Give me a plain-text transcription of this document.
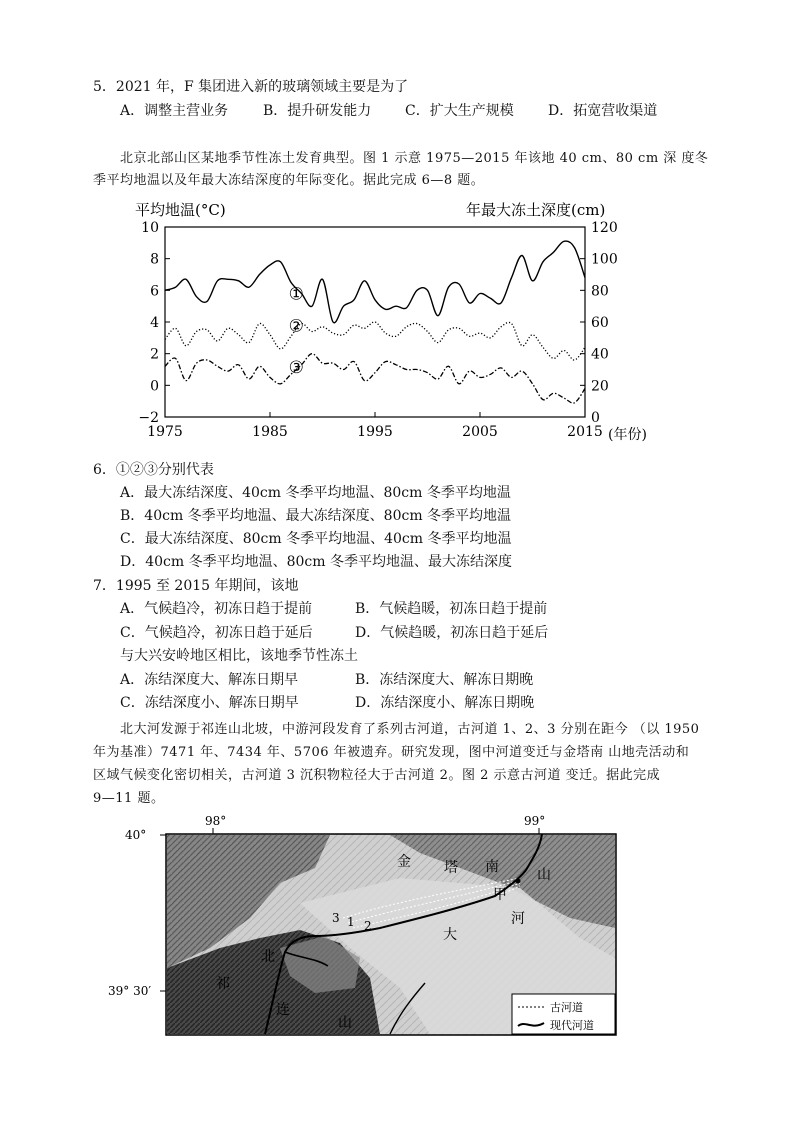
5．2021 年，F 集团进入新的玻璃领域主要是为了
A．调整主营业务 B．提升研发能力 C．扩大生产规模 D．拓宽营收渠道
北京北部山区某地季节性冻土发育典型。图 1 示意 1975—2015 年该地 40 cm、80 cm 深 度冬
季平均地温以及年最大冻结深度的年际变化。据此完成 6—8 题。
平均地温(°C)	年最大冻土深度(cm)
(年份)
10
8
6
4
2
0
−2
120
100
80
60
40
20
0
1975	1985	1995	2005	2015
①
②
③
6．①②③分别代表
A．最大冻结深度、40cm 冬季平均地温、80cm 冬季平均地温
B．40cm 冬季平均地温、最大冻结深度、80cm 冬季平均地温
C．最大冻结深度、80cm 冬季平均地温、40cm 冬季平均地温
D．40cm 冬季平均地温、80cm 冬季平均地温、最大冻结深度
7．1995 至 2015 年期间，该地
A．气候趋冷，初冻日趋于提前	B．气候趋暖，初冻日趋于提前
C．气候趋冷，初冻日趋于延后	D．气候趋暖，初冻日趋于延后
与大兴安岭地区相比，该地季节性冻土
A．冻结深度大、解冻日期早	B．冻结深度大、解冻日期晚
C．冻结深度小、解冻日期早	D．冻结深度小、解冻日期晚
北大河发源于祁连山北坡，中游河段发育了系列古河道，古河道 1、2、3 分别在距今 （以 1950
年为基准）7471 年、7434 年、5706 年被遗弃。研究发现，图中河道变迁与金塔南 山地壳活动和
区域气候变化密切相关，古河道 3 沉积物粒径大于古河道 2。图 2 示意古河道 变迁。据此完成
9—11 题。
98°	99°
40°
39° 30′
金 塔 南	山
甲
河
大
北
祁
连
山
3 1 2
古河道
现代河道
